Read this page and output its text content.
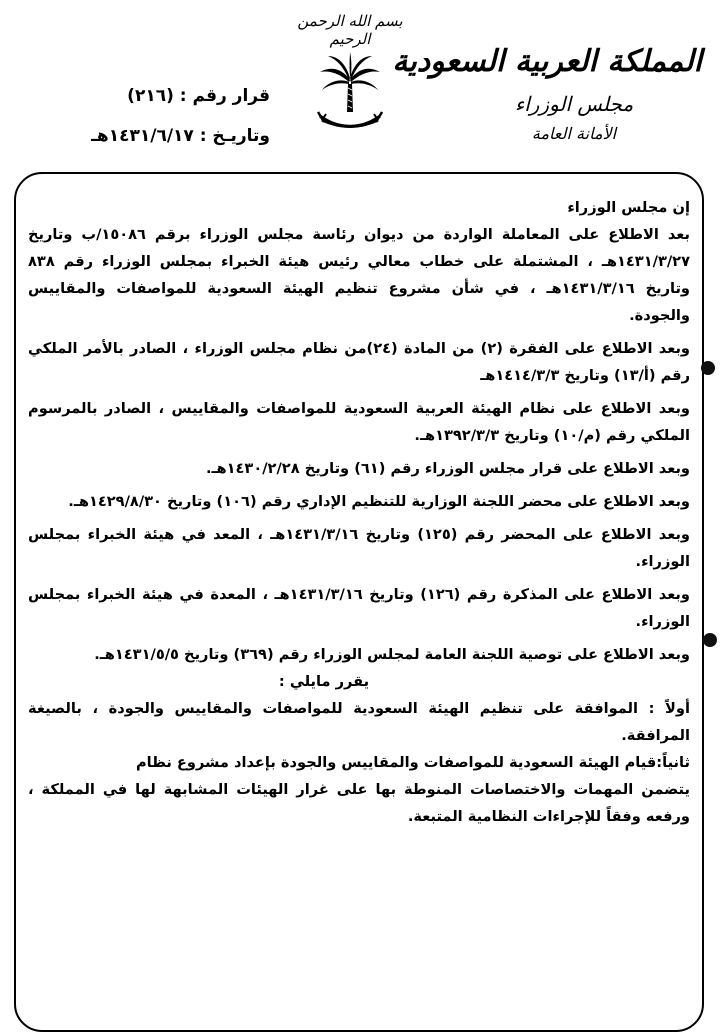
بسم الله الرحمن الرحيم
المملكة العربية السعودية
مجلس الوزراء
الأمانة العامة
قرار رقم : (٢١٦)
وتاريـخ : ١٤٣١/٦/١٧هـ

إن مجلس الوزراء

بعد الاطلاع على المعاملة الواردة من ديوان رئاسة مجلس الوزراء برقم ١٥٠٨٦/ب وتاريخ ١٤٣١/٣/٢٧هـ ، المشتملة على خطاب معالي رئيس هيئة الخبراء بمجلس الوزراء رقم ٨٣٨ وتاريخ ١٤٣١/٣/١٦هـ ، في شأن مشروع تنظيم الهيئة السعودية للمواصفات والمقاييس والجودة.

وبعد الاطلاع على الفقرة (٢) من المادة (٢٤)من نظام مجلس الوزراء ، الصادر بالأمر الملكي رقم (أ/١٣) وتاريخ ١٤١٤/٣/٣هـ

وبعد الاطلاع على نظام الهيئة العربية السعودية للمواصفات والمقاييس ، الصادر بالمرسوم الملكي رقم (م/١٠) وتاريخ ١٣٩٢/٣/٣هـ.

وبعد الاطلاع على قرار مجلس الوزراء رقم (٦١) وتاريخ ١٤٣٠/٢/٢٨هـ.

وبعد الاطلاع على محضر اللجنة الوزارية للتنظيم الإداري رقم (١٠٦) وتاريخ ١٤٢٩/٨/٣٠هـ.

وبعد الاطلاع على المحضر رقم (١٢٥) وتاريخ ١٤٣١/٣/١٦هـ ، المعد في هيئة الخبراء بمجلس الوزراء.

وبعد الاطلاع على المذكرة رقم (١٢٦) وتاريخ ١٤٣١/٣/١٦هـ ، المعدة في هيئة الخبراء بمجلس الوزراء.

وبعد الاطلاع على توصية اللجنة العامة لمجلس الوزراء رقم (٣٦٩) وتاريخ ١٤٣١/٥/٥هـ.

يقرر مايلي :

أولاً : الموافقة على تنظيم الهيئة السعودية للمواصفات والمقاييس والجودة ، بالصيغة المرافقة.

ثانياً:قيام الهيئة السعودية للمواصفات والمقاييس والجودة بإعداد مشروع نظام

يتضمن المهمات والاختصاصات المنوطة بها على غرار الهيئات المشابهة لها في المملكة ، ورفعه وفقاً للإجراءات النظامية المتبعة.
